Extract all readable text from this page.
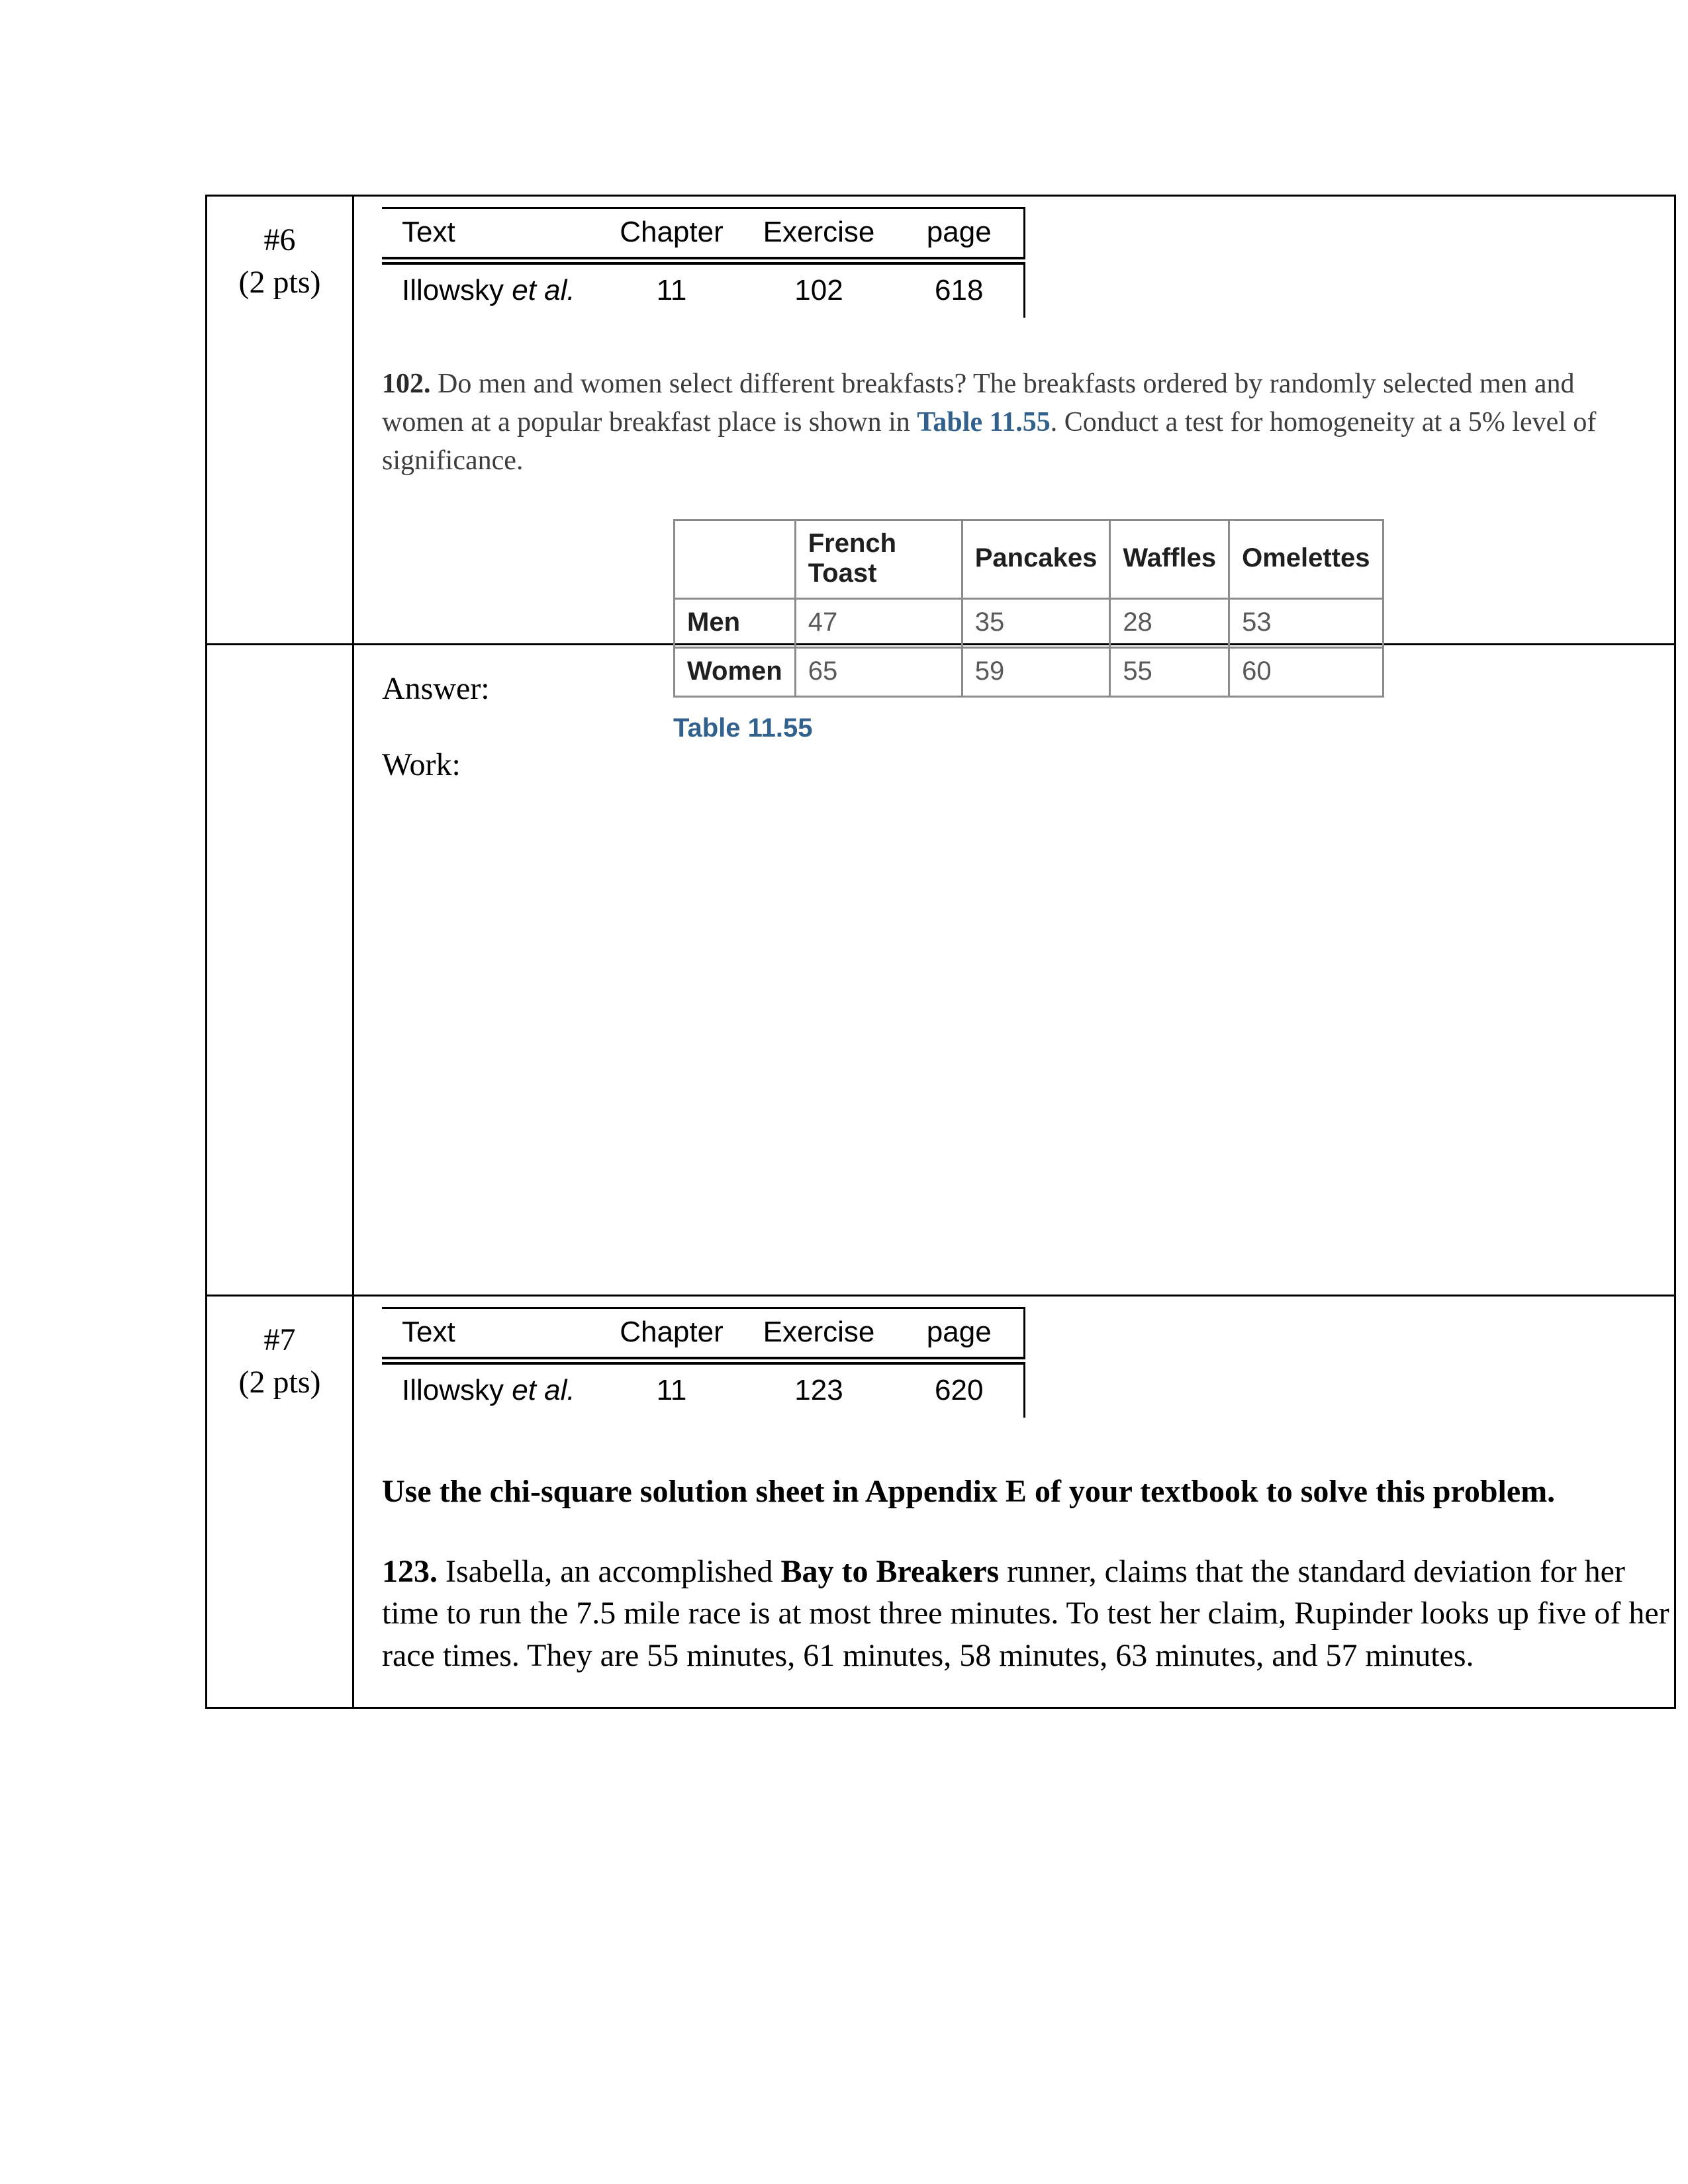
#6
(2 pts)
Text	Chapter	Exercise	page
Illowsky et al.	11	102	618
102. Do men and women select different breakfasts? The breakfasts ordered by randomly selected men and women at a popular breakfast place is shown in Table 11.55. Conduct a test for homogeneity at a 5% level of significance.
	French Toast	Pancakes	Waffles	Omelettes
Men	47	35	28	53
Women	65	59	55	60
Table 11.55
Answer:
Work:
#7
(2 pts)
Text	Chapter	Exercise	page
Illowsky et al.	11	123	620
Use the chi-square solution sheet in Appendix E of your textbook to solve this problem.
123. Isabella, an accomplished Bay to Breakers runner, claims that the standard deviation for her time to run the 7.5 mile race is at most three minutes. To test her claim, Rupinder looks up five of her race times. They are 55 minutes, 61 minutes, 58 minutes, 63 minutes, and 57 minutes.
